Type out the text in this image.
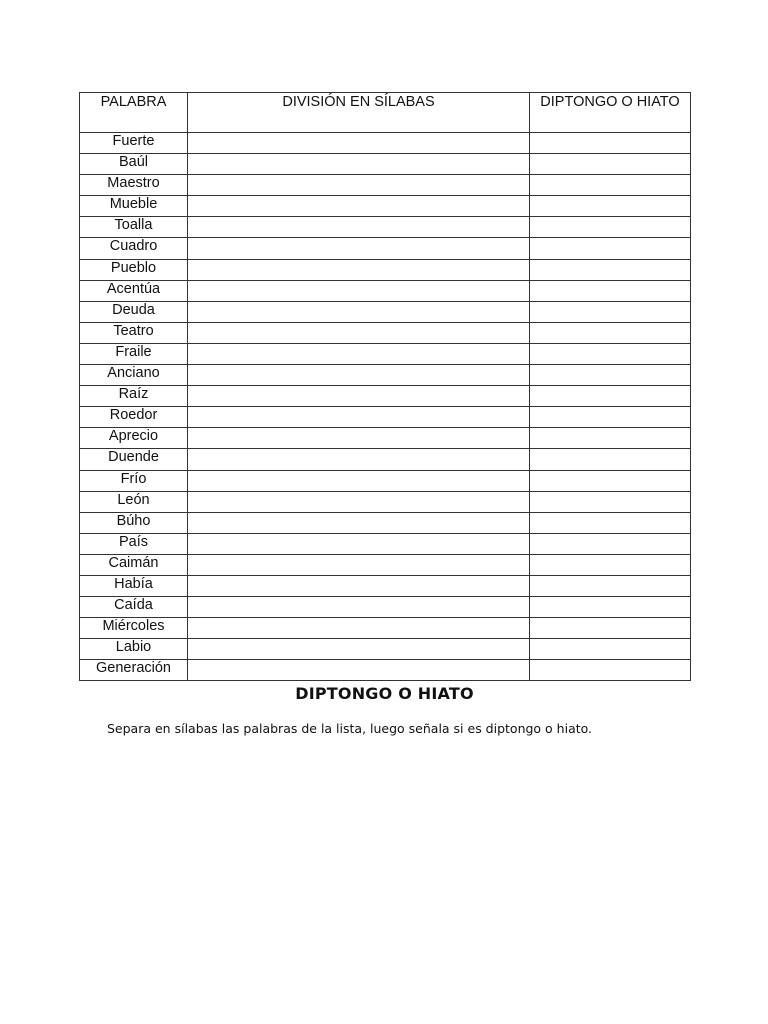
PALABRA	DIVISIÓN EN SÍLABAS	DIPTONGO O HIATO
Fuerte		
Baúl		
Maestro		
Mueble		
Toalla		
Cuadro		
Pueblo		
Acentúa		
Deuda		
Teatro		
Fraile		
Anciano		
Raíz		
Roedor		
Aprecio		
Duende		
Frío		
León		
Búho		
País		
Caimán		
Había		
Caída		
Miércoles		
Labio		
Generación		
DIPTONGO O HIATO

Separa en sílabas las palabras de la lista, luego señala si es diptongo o hiato.
